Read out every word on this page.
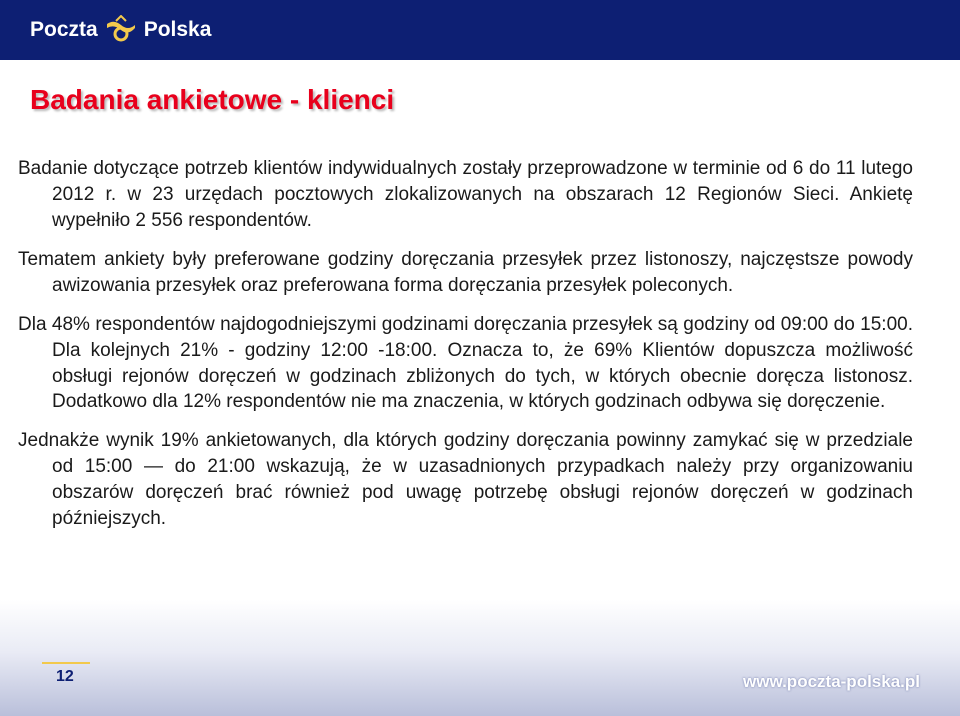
Poczta Polska
Badania ankietowe - klienci

Badanie dotyczące potrzeb klientów indywidualnych zostały przeprowadzone w terminie od 6 do 11 lutego 2012 r. w 23 urzędach pocztowych zlokalizowanych na obszarach 12 Regionów Sieci. Ankietę wypełniło 2 556 respondentów.

Tematem ankiety były preferowane godziny doręczania przesyłek przez listonoszy, najczęstsze powody awizowania przesyłek oraz preferowana forma doręczania przesyłek poleconych.

Dla 48% respondentów najdogodniejszymi godzinami doręczania przesyłek są godziny od 09:00 do 15:00. Dla kolejnych 21% - godziny 12:00 -18:00. Oznacza to, że 69% Klientów dopuszcza możliwość obsługi rejonów doręczeń w godzinach zbliżonych do tych, w których obecnie doręcza listonosz. Dodatkowo dla 12% respondentów nie ma znaczenia, w których godzinach odbywa się doręczenie.

Jednakże wynik 19% ankietowanych, dla których godziny doręczania powinny zamykać się w przedziale od 15:00 — do 21:00 wskazują, że w uzasadnionych przypadkach należy przy organizowaniu obszarów doręczeń brać również pod uwagę potrzebę obsługi rejonów doręczeń w godzinach późniejszych.

12	www.poczta-polska.pl
